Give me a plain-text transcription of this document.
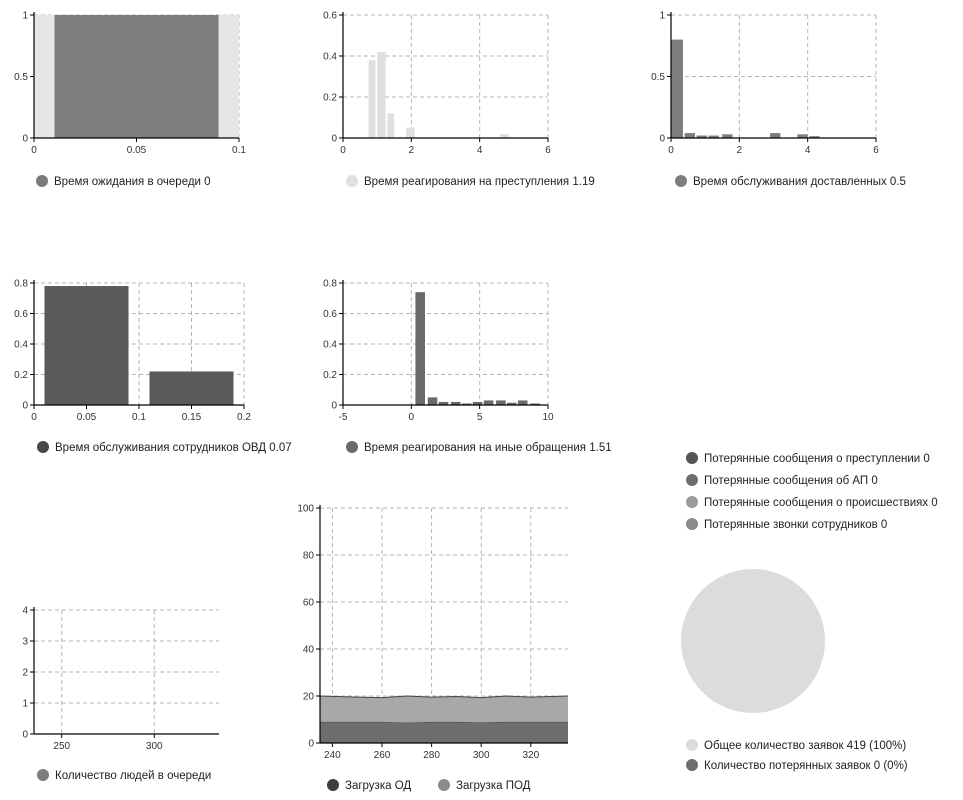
0	0.05	0.1
0
0.5
1
Время ожидания в очереди 0
0	2	4	6
0
0.2
0.4
0.6
Время реагирования на преступления 1.19
0	2	4	6
0
0.5
1
Время обслуживания доставленных 0.5
0	0.05	0.1	0.15	0.2
0
0.2
0.4
0.6
0.8
Время обслуживания сотрудников ОВД 0.07
-5	0	5	10
0
0.2
0.4
0.6
0.8
Время реагирования на иные обращения 1.51
250	300
0
1
2
3
4
Количество людей в очереди
240	260	280	300	320
0
20
40
60
80
100
Загрузка ОД	Загрузка ПОД
Потерянные сообщения о преступлении 0
Потерянные сообщения об АП 0
Потерянные сообщения о происшествиях 0
Потерянные звонки сотрудников 0
Общее количество заявок 419 (100%)
Количество потерянных заявок 0 (0%)
